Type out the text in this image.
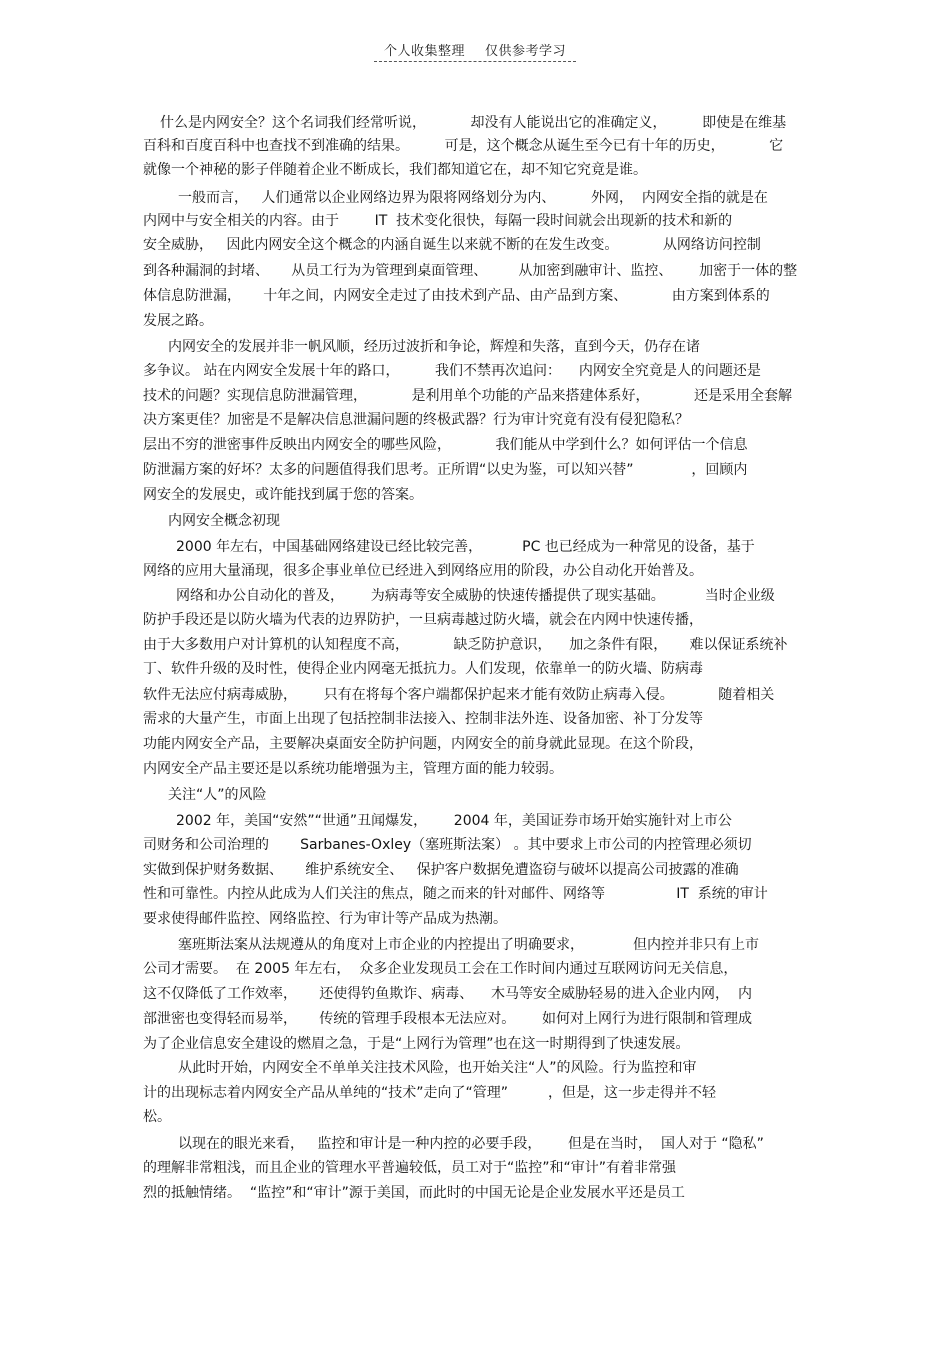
个人收集整理 仅供参考学习
什么是内网安全？这个名词我们经常听说，          却没有人能说出它的准确定义，        即使是在维基
百科和百度百科中也查找不到准确的结果。        可是，这个概念从诞生至今已有十年的历史，          它
就像一个神秘的影子伴随着企业不断成长，我们都知道它在，却不知它究竟是谁。
一般而言，   人们通常以企业网络边界为限将网络划分为内、        外网，  内网安全指的就是在
内网中与安全相关的内容。由于        IT  技术变化很快，每隔一段时间就会出现新的技术和新的
安全威胁，   因此内网安全这个概念的内涵自诞生以来就不断的在发生改变。          从网络访问控制
到各种漏洞的封堵、     从员工行为为管理到桌面管理、       从加密到融审计、监控、      加密于一体的整
体信息防泄漏，     十年之间，内网安全走过了由技术到产品、由产品到方案、          由方案到体系的
发展之路。
内网安全的发展并非一帆风顺，经历过波折和争论，辉煌和失落，直到今天，仍存在诸
多争议。 站在内网安全发展十年的路口，        我们不禁再次追问：    内网安全究竟是人的问题还是
技术的问题？实现信息防泄漏管理，          是利用单个功能的产品来搭建体系好，          还是采用全套解
决方案更佳？加密是不是解决信息泄漏问题的终极武器？行为审计究竟有没有侵犯隐私？
层出不穷的泄密事件反映出内网安全的哪些风险，          我们能从中学到什么？如何评估一个信息
防泄漏方案的好坏？太多的问题值得我们思考。正所谓“以史为鉴，可以知兴替”             ，回顾内
网安全的发展史，或许能找到属于您的答案。
内网安全概念初现
2000 年左右，中国基础网络建设已经比较完善，         PC 也已经成为一种常见的设备，基于
网络的应用大量涌现，很多企事业单位已经进入到网络应用的阶段，办公自动化开始普及。
网络和办公自动化的普及，      为病毒等安全威胁的快速传播提供了现实基础。         当时企业级
防护手段还是以防火墙为代表的边界防护，一旦病毒越过防火墙，就会在内网中快速传播，
由于大多数用户对计算机的认知程度不高，          缺乏防护意识，    加之条件有限，     难以保证系统补
丁、软件升级的及时性，使得企业内网毫无抵抗力。人们发现，依靠单一的防火墙、防病毒
软件无法应付病毒威胁，      只有在将每个客户端都保护起来才能有效防止病毒入侵。          随着相关
需求的大量产生，市面上出现了包括控制非法接入、控制非法外连、设备加密、补丁分发等
功能内网安全产品，主要解决桌面安全防护问题，内网安全的前身就此显现。在这个阶段，
内网安全产品主要还是以系统功能增强为主，管理方面的能力较弱。
关注“人”的风险
2002 年，美国“安然”“世通”丑闻爆发，      2004 年，美国证券市场开始实施针对上市公
司财务和公司治理的       Sarbanes-Oxley（塞班斯法案） 。其中要求上市公司的内控管理必须切
实做到保护财务数据、     维护系统安全、   保护客户数据免遭盗窃与破坏以提高公司披露的准确
性和可靠性。内控从此成为人们关注的焦点，随之而来的针对邮件、网络等                IT  系统的审计
要求使得邮件监控、网络监控、行为审计等产品成为热潮。
塞班斯法案从法规遵从的角度对上市企业的内控提出了明确要求，           但内控并非只有上市
公司才需要。  在 2005 年左右，  众多企业发现员工会在工作时间内通过互联网访问无关信息，
这不仅降低了工作效率，     还使得钓鱼欺诈、病毒、    木马等安全威胁轻易的进入企业内网，  内
部泄密也变得轻而易举，     传统的管理手段根本无法应对。      如何对上网行为进行限制和管理成
为了企业信息安全建设的燃眉之急，于是“上网行为管理”也在这一时期得到了快速发展。
从此时开始，内网安全不单单关注技术风险，也开始关注“人”的风险。行为监控和审
计的出现标志着内网安全产品从单纯的“技术”走向了“管理”         ，但是，这一步走得并不轻
松。
以现在的眼光来看，   监控和审计是一种内控的必要手段，      但是在当时，  国人对于 “隐私”
的理解非常粗浅，而且企业的管理水平普遍较低，员工对于“监控”和“审计”有着非常强
烈的抵触情绪。  “监控”和“审计”源于美国，而此时的中国无论是企业发展水平还是员工
